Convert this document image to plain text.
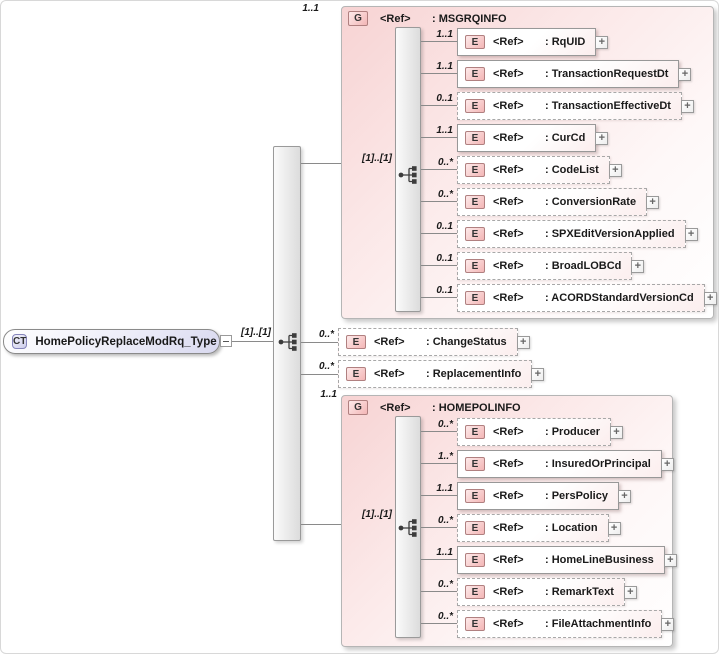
CT HomePolicyReplaceModRq_Type
[1]..[1]
1..1
1..1
G	<Ref>	: MSGRQINFO
[1]..[1]
1..1
E	<Ref>	: RqUID +
1..1
E	<Ref>	: TransactionRequestDt +
0..1
E	<Ref>	: TransactionEffectiveDt +
1..1
E	<Ref>	: CurCd +
0..*
E	<Ref>	: CodeList +
0..*
E	<Ref>	: ConversionRate +
0..1
E	<Ref>	: SPXEditVersionApplied +
0..1
E	<Ref>	: BroadLOBCd +
0..1
E	<Ref>	: ACORDStandardVersionCd +
0..*
E	<Ref>	: ChangeStatus +
0..*
E	<Ref>	: ReplacementInfo +
G	<Ref>	: HOMEPOLINFO
[1]..[1]
0..*
E	<Ref>	: Producer +
1..*
E	<Ref>	: InsuredOrPrincipal +
1..1
E	<Ref>	: PersPolicy +
0..*
E	<Ref>	: Location +
1..1
E	<Ref>	: HomeLineBusiness +
0..*
E	<Ref>	: RemarkText +
0..*
E	<Ref>	: FileAttachmentInfo +
